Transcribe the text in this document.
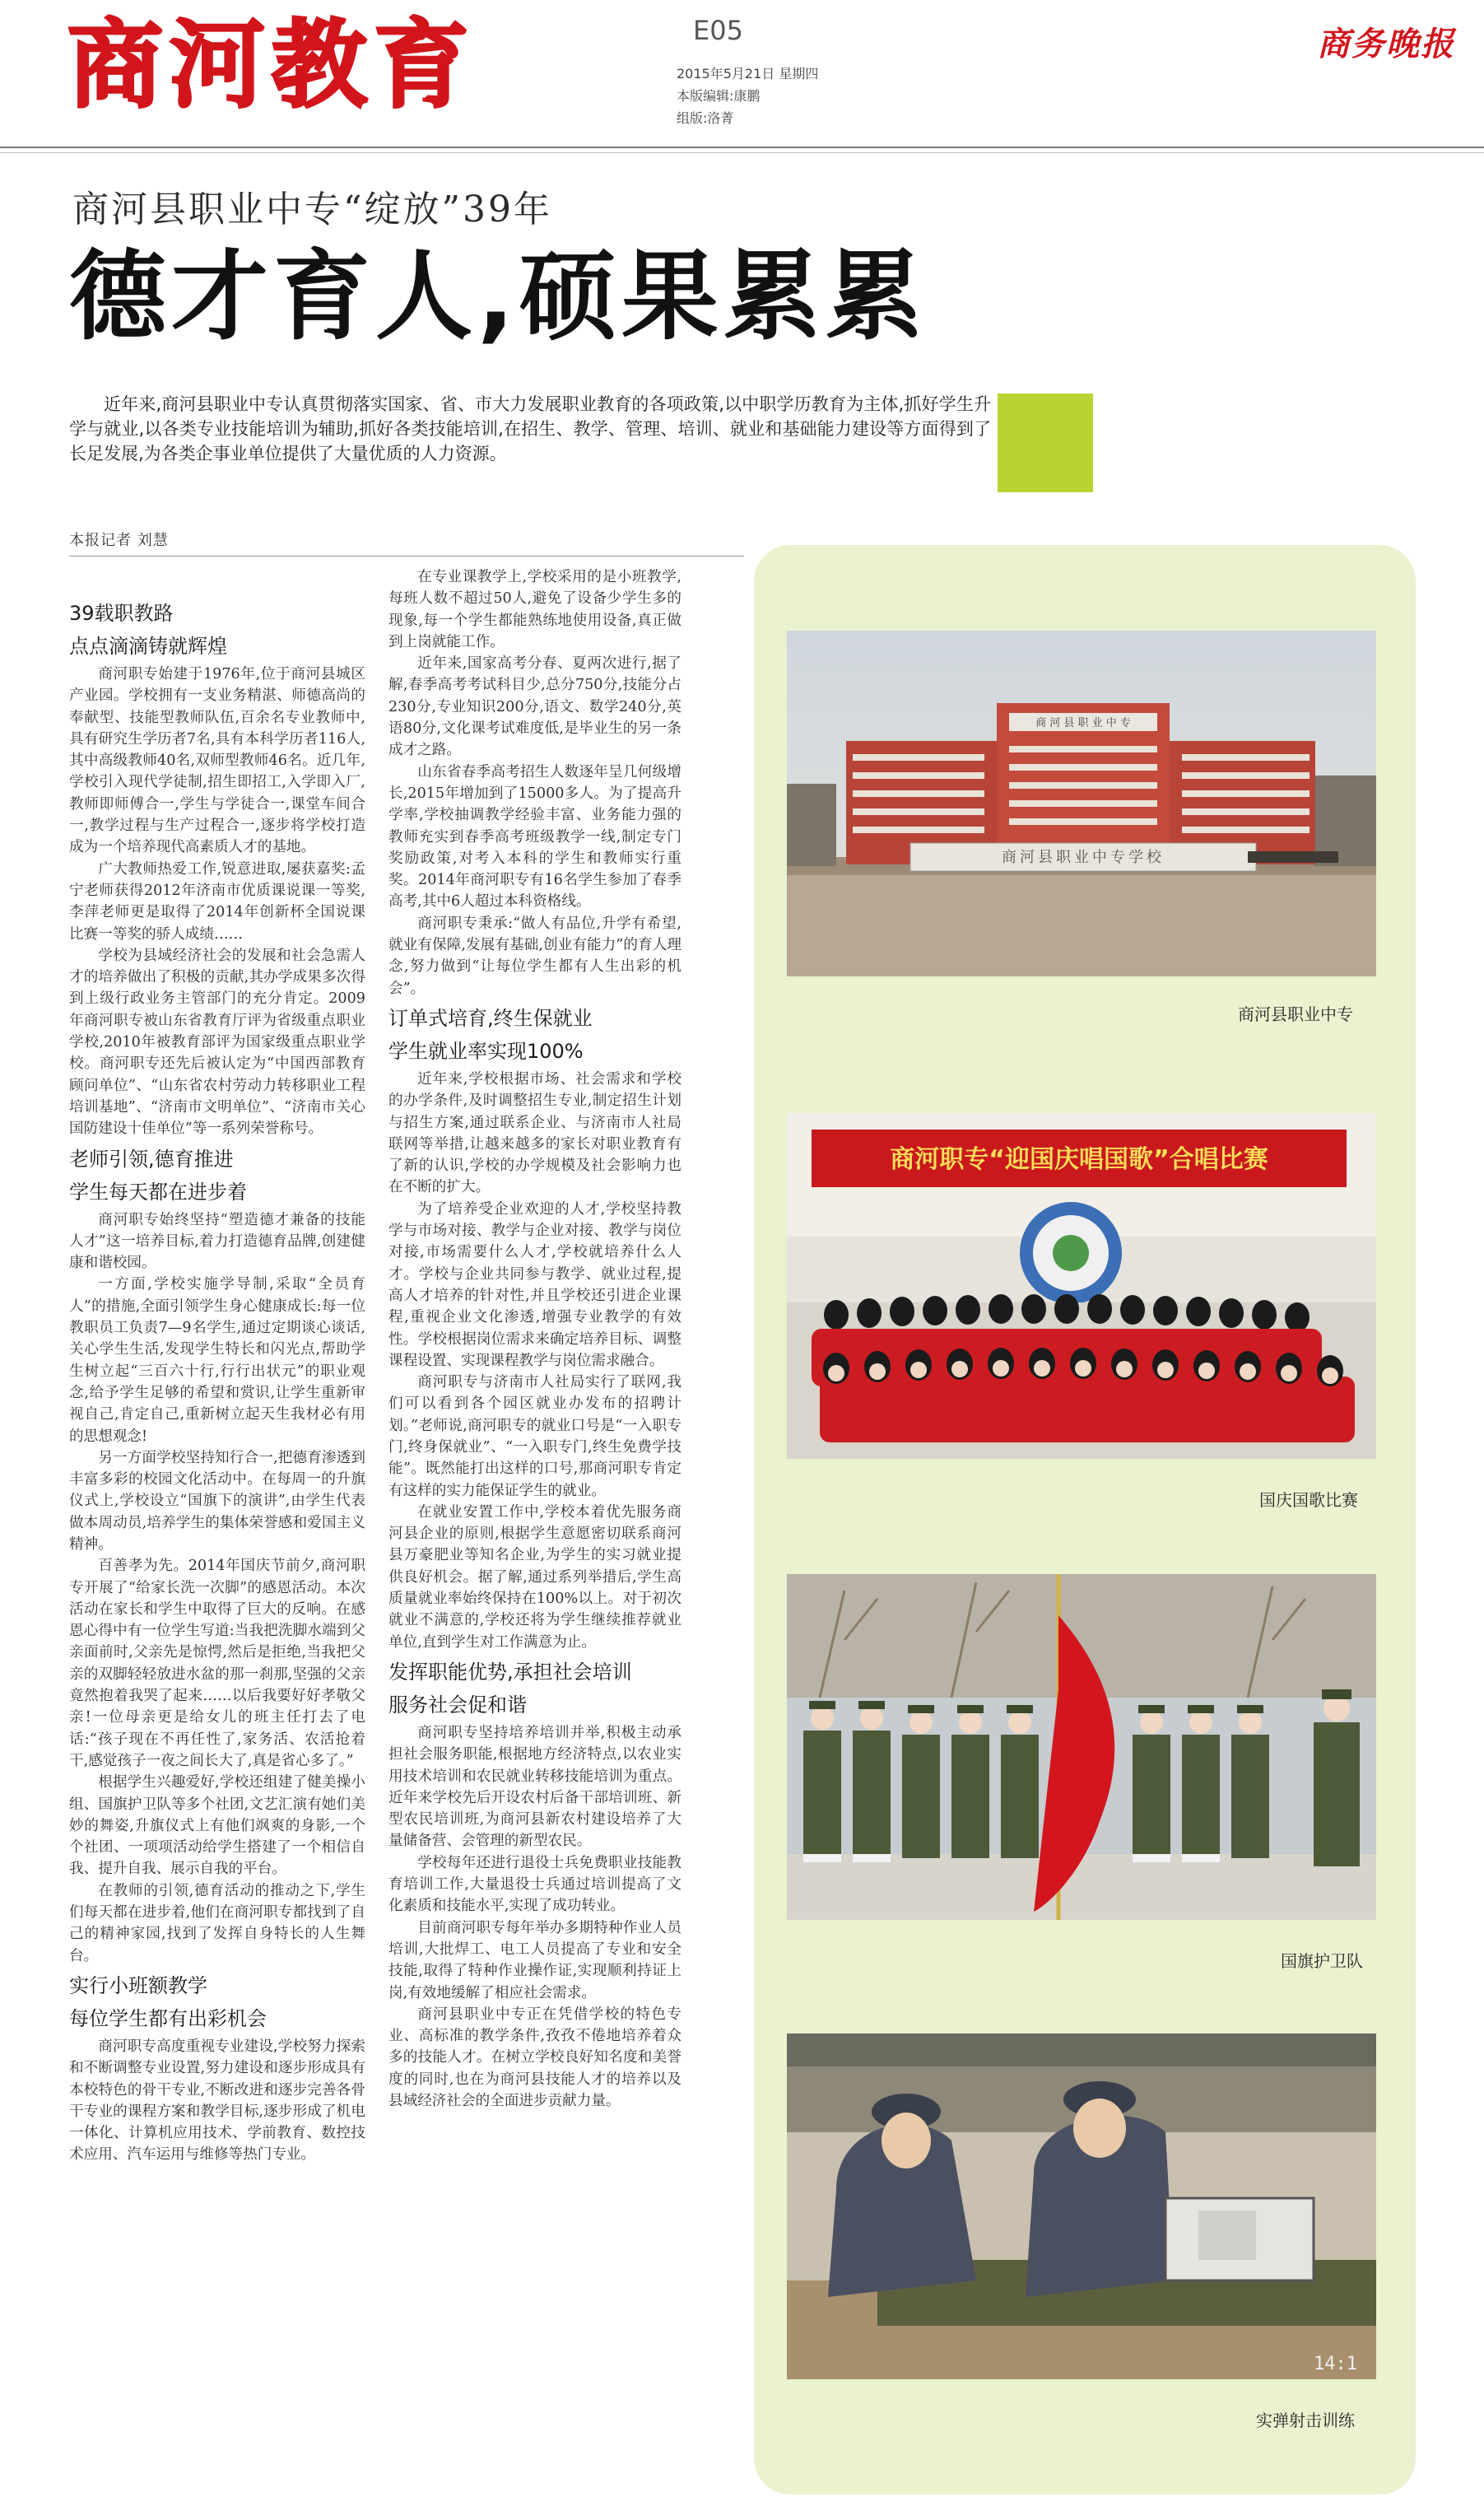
商河教育	E05
2015年5月21日 星期四
本版编辑:康鹏
组版:洛菁
商务晚报
商河县职业中专“绽放”39年
德才育人,硕果累累

近年来,商河县职业中专认真贯彻落实国家、省、市大力发展职业教育的各项政策,以中职学历教育为主体,抓好学生升学与就业,以各类专业技能培训为辅助,抓好各类技能培训,在招生、教学、管理、培训、就业和基础能力建设等方面得到了长足发展,为各类企事业单位提供了大量优质的人力资源。

本报记者 刘慧
39载职教路
点点滴滴铸就辉煌

商河职专始建于1976年,位于商河县城区产业园。学校拥有一支业务精湛、师德高尚的奉献型、技能型教师队伍,百余名专业教师中,具有研究生学历者7名,具有本科学历者116人,其中高级教师40名,双师型教师46名。近几年,学校引入现代学徒制,招生即招工,入学即入厂,教师即师傅合一,学生与学徒合一,课堂车间合一,教学过程与生产过程合一,逐步将学校打造成为一个培养现代高素质人才的基地。

广大教师热爱工作,锐意进取,屡获嘉奖:孟宁老师获得2012年济南市优质课说课一等奖,李萍老师更是取得了2014年创新杯全国说课比赛一等奖的骄人成绩……

学校为县域经济社会的发展和社会急需人才的培养做出了积极的贡献,其办学成果多次得到上级行政业务主管部门的充分肯定。2009年商河职专被山东省教育厅评为省级重点职业学校,2010年被教育部评为国家级重点职业学校。商河职专还先后被认定为“中国西部教育顾问单位”、“山东省农村劳动力转移职业工程培训基地”、“济南市文明单位”、“济南市关心国防建设十佳单位”等一系列荣誉称号。

老师引领,德育推进
学生每天都在进步着

商河职专始终坚持“塑造德才兼备的技能人才”这一培养目标,着力打造德育品牌,创建健康和谐校园。

一方面,学校实施学导制,采取“全员育人”的措施,全面引领学生身心健康成长:每一位教职员工负责7—9名学生,通过定期谈心谈话,关心学生生活,发现学生特长和闪光点,帮助学生树立起“三百六十行,行行出状元”的职业观念,给予学生足够的希望和赏识,让学生重新审视自己,肯定自己,重新树立起天生我材必有用的思想观念!

另一方面学校坚持知行合一,把德育渗透到丰富多彩的校园文化活动中。在每周一的升旗仪式上,学校设立“国旗下的演讲”,由学生代表做本周动员,培养学生的集体荣誉感和爱国主义精神。

百善孝为先。2014年国庆节前夕,商河职专开展了“给家长洗一次脚”的感恩活动。本次活动在家长和学生中取得了巨大的反响。在感恩心得中有一位学生写道:当我把洗脚水端到父亲面前时,父亲先是惊愕,然后是拒绝,当我把父亲的双脚轻轻放进水盆的那一刹那,坚强的父亲竟然抱着我哭了起来……以后我要好好孝敬父亲!一位母亲更是给女儿的班主任打去了电话:“孩子现在不再任性了,家务活、农活抢着干,感觉孩子一夜之间长大了,真是省心多了。”

根据学生兴趣爱好,学校还组建了健美操小组、国旗护卫队等多个社团,文艺汇演有她们美妙的舞姿,升旗仪式上有他们飒爽的身影,一个个社团、一项项活动给学生搭建了一个相信自我、提升自我、展示自我的平台。

在教师的引领,德育活动的推动之下,学生们每天都在进步着,他们在商河职专都找到了自己的精神家园,找到了发挥自身特长的人生舞台。

实行小班额教学
每位学生都有出彩机会

商河职专高度重视专业建设,学校努力探索和不断调整专业设置,努力建设和逐步形成具有本校特色的骨干专业,不断改进和逐步完善各骨干专业的课程方案和教学目标,逐步形成了机电一体化、计算机应用技术、学前教育、数控技术应用、汽车运用与维修等热门专业。

在专业课教学上,学校采用的是小班教学,每班人数不超过50人,避免了设备少学生多的现象,每一个学生都能熟练地使用设备,真正做到上岗就能工作。

近年来,国家高考分春、夏两次进行,据了解,春季高考考试科目少,总分750分,技能分占230分,专业知识200分,语文、数学240分,英语80分,文化课考试难度低,是毕业生的另一条成才之路。

山东省春季高考招生人数逐年呈几何级增长,2015年增加到了15000多人。为了提高升学率,学校抽调教学经验丰富、业务能力强的教师充实到春季高考班级教学一线,制定专门奖励政策,对考入本科的学生和教师实行重奖。2014年商河职专有16名学生参加了春季高考,其中6人超过本科资格线。

商河职专秉承:“做人有品位,升学有希望,就业有保障,发展有基础,创业有能力”的育人理念,努力做到“让每位学生都有人生出彩的机会”。

订单式培育,终生保就业
学生就业率实现100%

近年来,学校根据市场、社会需求和学校的办学条件,及时调整招生专业,制定招生计划与招生方案,通过联系企业、与济南市人社局联网等举措,让越来越多的家长对职业教育有了新的认识,学校的办学规模及社会影响力也在不断的扩大。

为了培养受企业欢迎的人才,学校坚持教学与市场对接、教学与企业对接、教学与岗位对接,市场需要什么人才,学校就培养什么人才。学校与企业共同参与教学、就业过程,提高人才培养的针对性,并且学校还引进企业课程,重视企业文化渗透,增强专业教学的有效性。学校根据岗位需求来确定培养目标、调整课程设置、实现课程教学与岗位需求融合。

商河职专与济南市人社局实行了联网,我们可以看到各个园区就业办发布的招聘计划。”老师说,商河职专的就业口号是“一入职专门,终身保就业”、“一入职专门,终生免费学技能”。既然能打出这样的口号,那商河职专肯定有这样的实力能保证学生的就业。

在就业安置工作中,学校本着优先服务商河县企业的原则,根据学生意愿密切联系商河县万豪肥业等知名企业,为学生的实习就业提供良好机会。据了解,通过系列举措后,学生高质量就业率始终保持在100%以上。对于初次就业不满意的,学校还将为学生继续推荐就业单位,直到学生对工作满意为止。

发挥职能优势,承担社会培训
服务社会促和谐

商河职专坚持培养培训并举,积极主动承担社会服务职能,根据地方经济特点,以农业实用技术培训和农民就业转移技能培训为重点。近年来学校先后开设农村后备干部培训班、新型农民培训班,为商河县新农村建设培养了大量储备营、会管理的新型农民。

学校每年还进行退役士兵免费职业技能教育培训工作,大量退役士兵通过培训提高了文化素质和技能水平,实现了成功转业。

目前商河职专每年举办多期特种作业人员培训,大批焊工、电工人员提高了专业和安全技能,取得了特种作业操作证,实现顺利持证上岗,有效地缓解了相应社会需求。

商河县职业中专正在凭借学校的特色专业、高标准的教学条件,孜孜不倦地培养着众多的技能人才。在树立学校良好知名度和美誉度的同时,也在为商河县技能人才的培养以及县域经济社会的全面进步贡献力量。

商 河 县 职 业 中 专
商河县职业中专学校
商河县职业中专
商河职专“迎国庆唱国歌”合唱比赛
国庆国歌比赛
国旗护卫队
14:1
实弹射击训练
